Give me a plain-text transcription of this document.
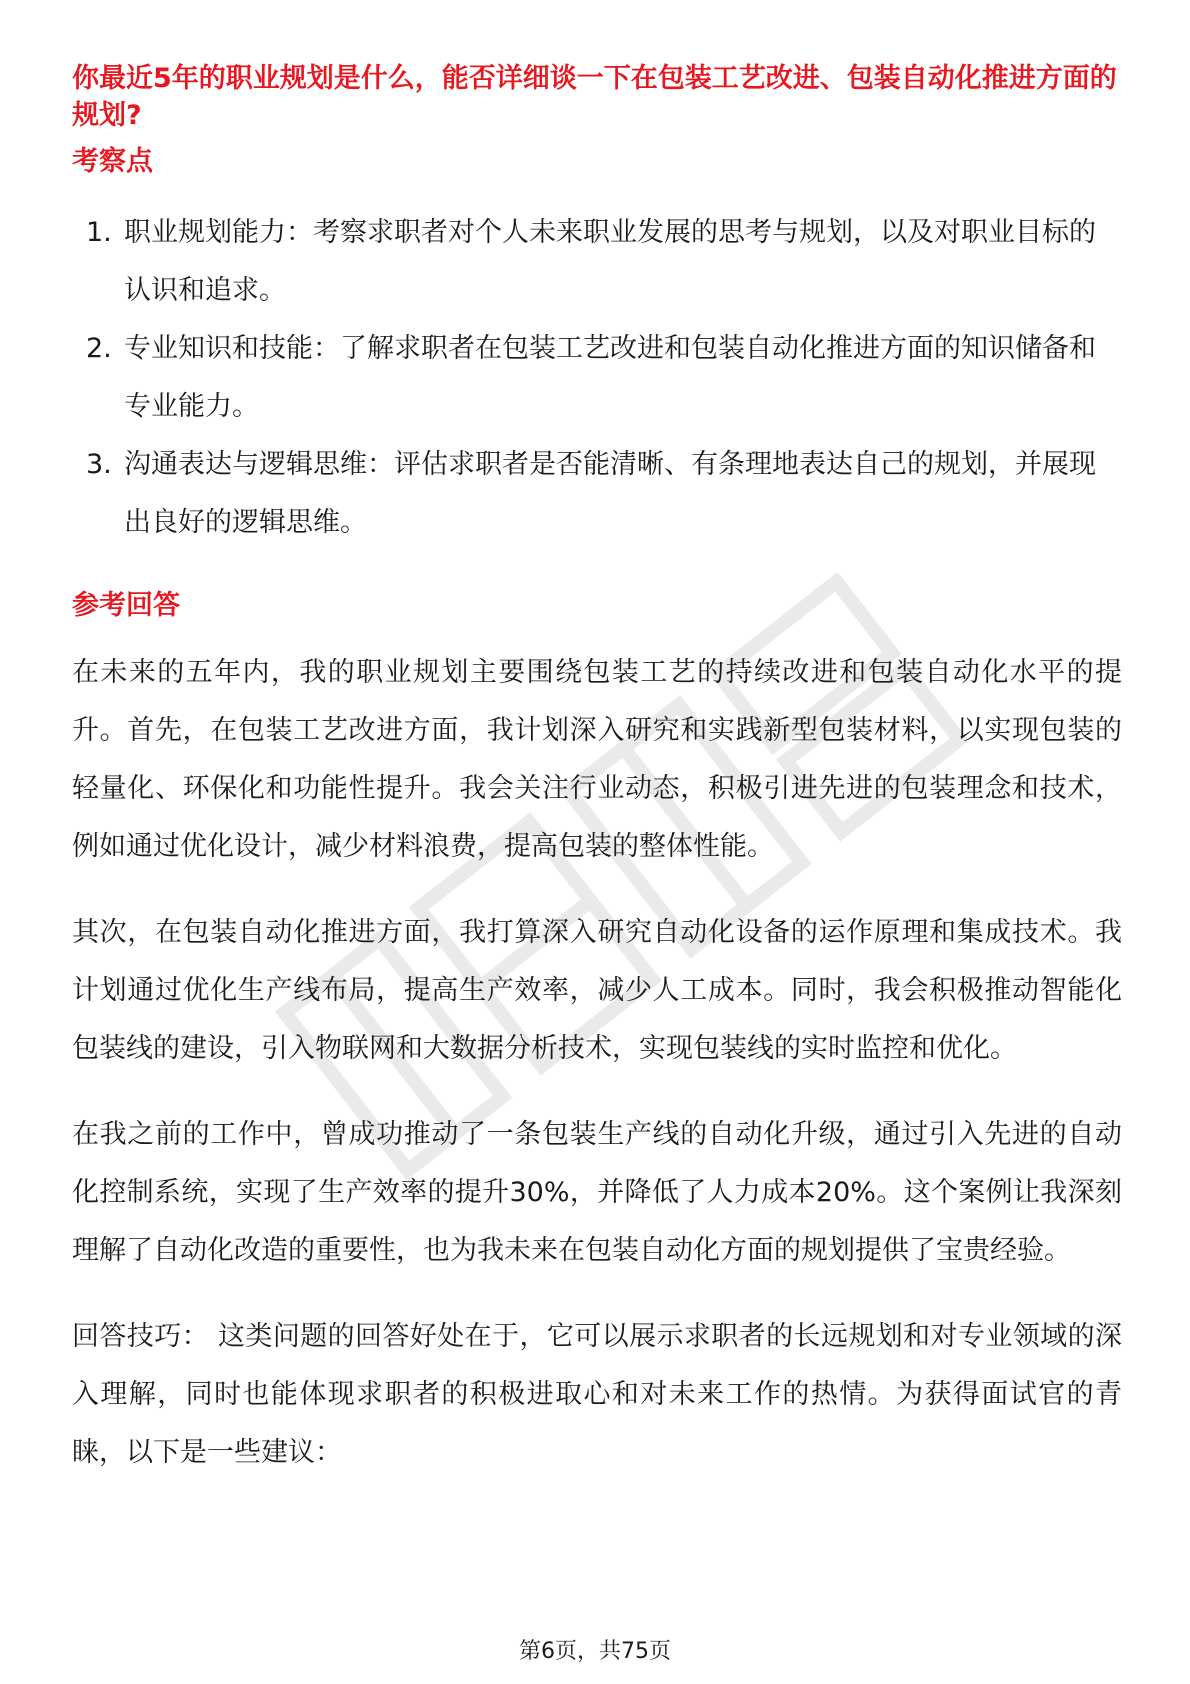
你最近5年的职业规划是什么，能否详细谈一下在包装工艺改进、包装自动化推进方面的规划?
考察点
1. 职业规划能力：考察求职者对个人未来职业发展的思考与规划，以及对职业目标的认识和追求。
2. 专业知识和技能：了解求职者在包装工艺改进和包装自动化推进方面的知识储备和专业能力。
3. 沟通表达与逻辑思维：评估求职者是否能清晰、有条理地表达自己的规划，并展现出良好的逻辑思维。
参考回答

在未来的五年内，我的职业规划主要围绕包装工艺的持续改进和包装自动化水平的提升。首先，在包装工艺改进方面，我计划深入研究和实践新型包装材料，以实现包装的轻量化、环保化和功能性提升。我会关注行业动态，积极引进先进的包装理念和技术，例如通过优化设计，减少材料浪费，提高包装的整体性能。

其次，在包装自动化推进方面，我打算深入研究自动化设备的运作原理和集成技术。我计划通过优化生产线布局，提高生产效率，减少人工成本。同时，我会积极推动智能化包装线的建设，引入物联网和大数据分析技术，实现包装线的实时监控和优化。

在我之前的工作中，曾成功推动了一条包装生产线的自动化升级，通过引入先进的自动化控制系统，实现了生产效率的提升30%，并降低了人力成本20%。这个案例让我深刻理解了自动化改造的重要性，也为我未来在包装自动化方面的规划提供了宝贵经验。

回答技巧： 这类问题的回答好处在于，它可以展示求职者的长远规划和对专业领域的深入理解，同时也能体现求职者的积极进取心和对未来工作的热情。为获得面试官的青睐，以下是一些建议：

第6页，共75页
